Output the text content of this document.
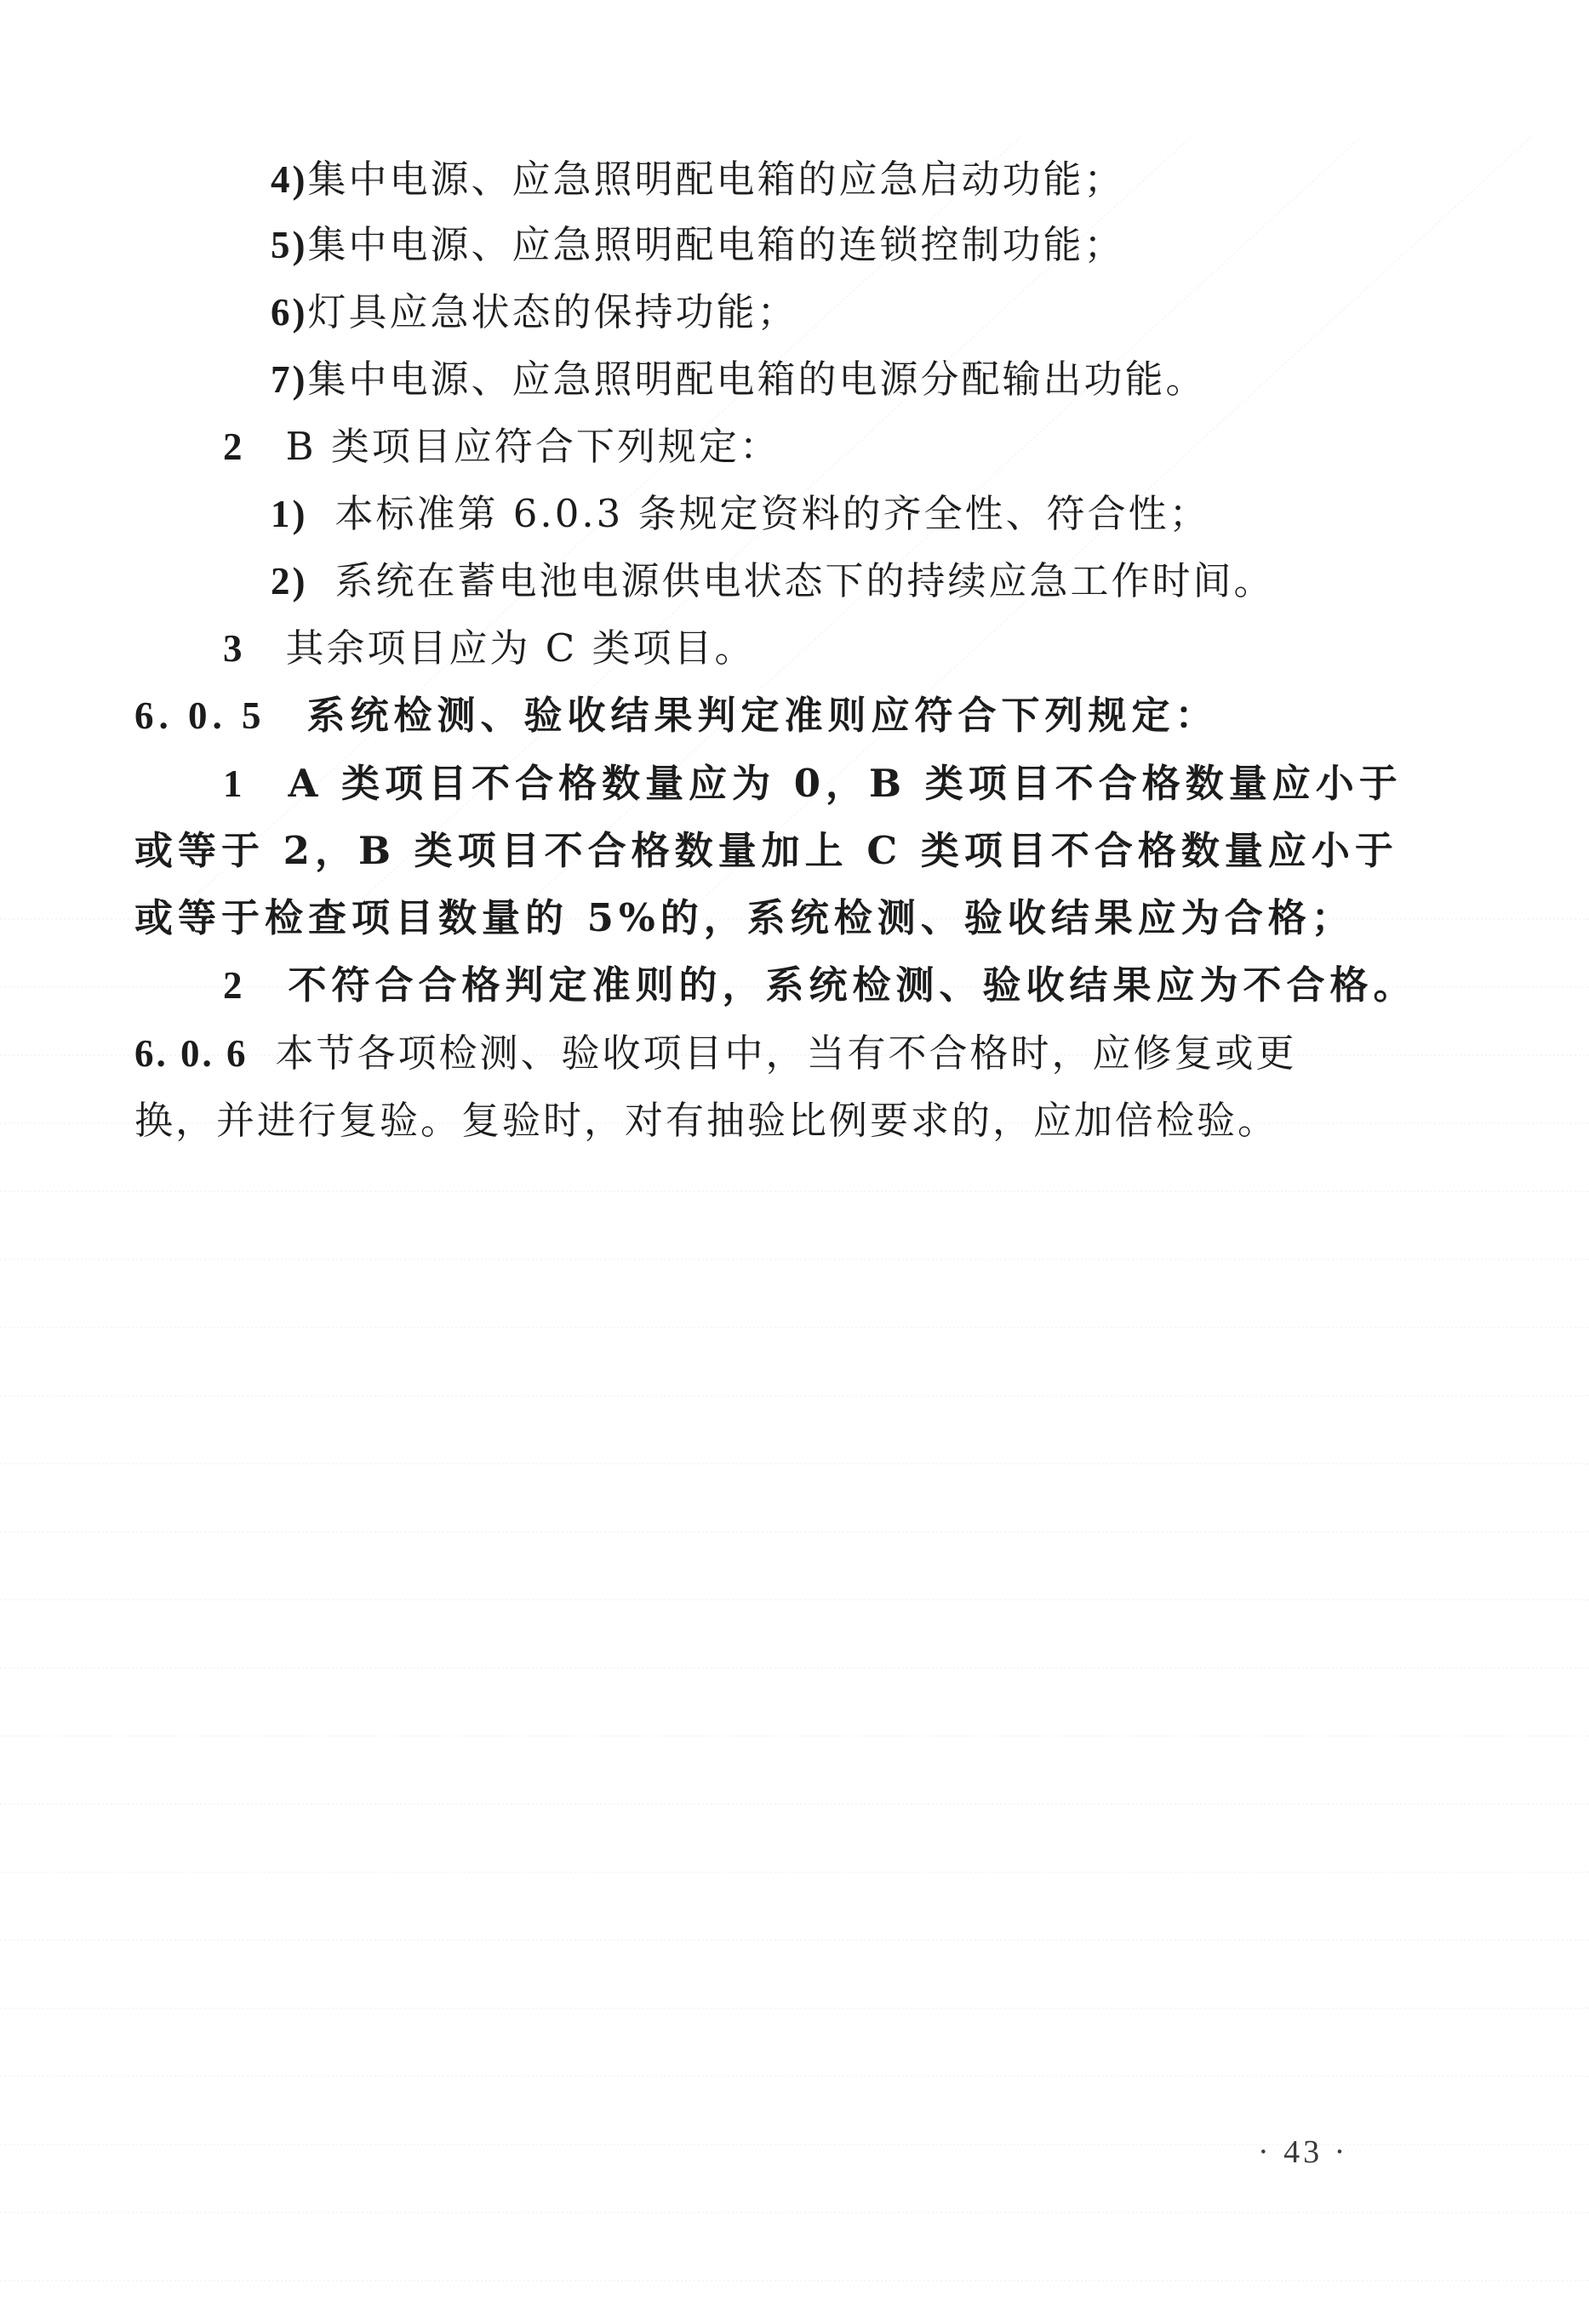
4)集中电源、应急照明配电箱的应急启动功能；
5)集中电源、应急照明配电箱的连锁控制功能；
6)灯具应急状态的保持功能；
7)集中电源、应急照明配电箱的电源分配输出功能。
2 B 类项目应符合下列规定：
1) 本标准第 6.0.3 条规定资料的齐全性、符合性；
2) 系统在蓄电池电源供电状态下的持续应急工作时间。
3 其余项目应为 C 类项目。
6. 0. 5 系统检测、验收结果判定准则应符合下列规定：
1 A 类项目不合格数量应为 0，B 类项目不合格数量应小于
或等于 2，B 类项目不合格数量加上 C 类项目不合格数量应小于
或等于检查项目数量的 5%的，系统检测、验收结果应为合格；
2 不符合合格判定准则的，系统检测、验收结果应为不合格。
6. 0. 6 本节各项检测、验收项目中，当有不合格时，应修复或更
换，并进行复验。复验时，对有抽验比例要求的，应加倍检验。
· 43 ·
